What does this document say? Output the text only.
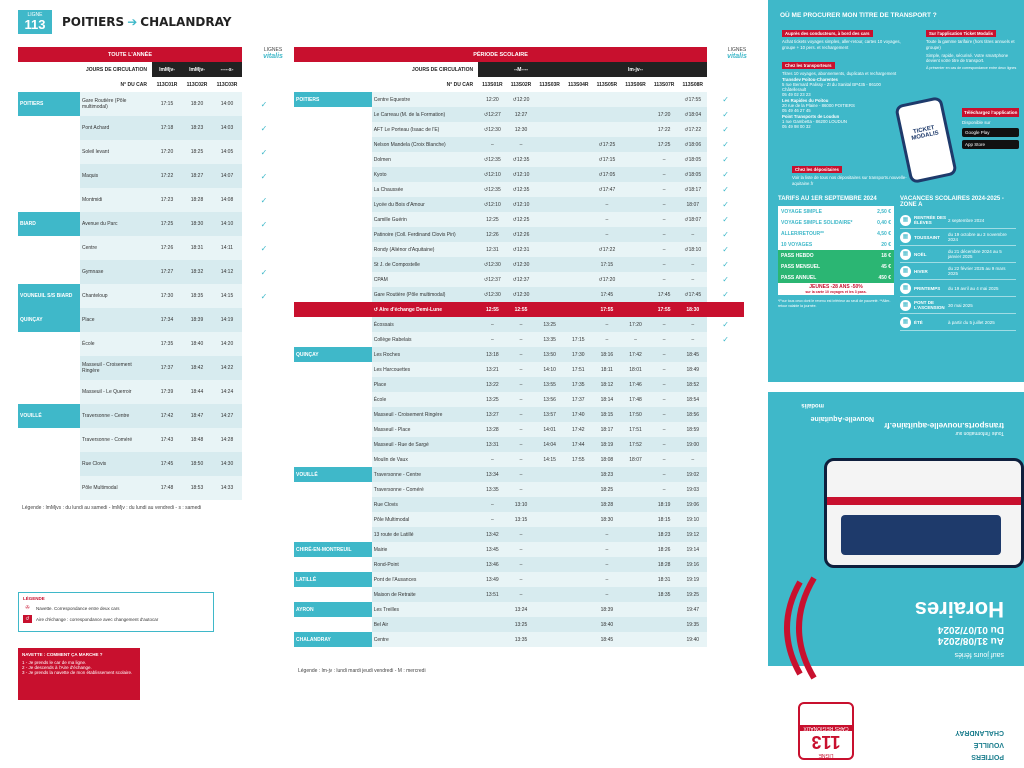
LIGNE
113 POITIERS ➔ CHALANDRAY
TOUTE L'ANNÉE					
JOURS DE CIRCULATION		lmMjv-	lmMjv-	-----s-	
N° DU CAR		113C01R	113C02R	113C03R	
POITIERS	Gare Routière (Pôle multimodal)	17:15	18:20	14:00	✓
	Pont Achard	17:18	18:23	14:03	✓
	Soleil levant	17:20	18:25	14:05	✓
	Maquis	17:22	18:27	14:07	✓
	Montmidi	17:23	18:28	14:08	✓
BIARD	Avenue du Parc	17:25	18:30	14:10	✓
	Centre	17:26	18:31	14:11	✓
	Gymnase	17:27	18:32	14:12	✓
VOUNEUIL S/S BIARD	Chanteloup	17:30	18:35	14:15	✓
QUINÇAY	Place	17:34	18:39	14:19	
	École	17:35	18:40	14:20	
	Masseuil - Croisement Ringère	17:37	18:42	14:22	
	Masseuil - Le Querroir	17:39	18:44	14:24	
VOUILLÉ	Traversonne - Centre	17:42	18:47	14:27	
	Traversonne - Coméré	17:43	18:48	14:28	
	Rue Clovis	17:45	18:50	14:30	
	Pôle Multimodal	17:48	18:53	14:33	
LIGNES
vitalis
Légende : lmMjvs : du lundi au samedi - lmMjv : du lundi au vendredi - s : samedi
LÉGENDE
✇	Navette. Correspondance entre deux cars
↺	Aire d'échange : correspondance avec changement d'autocar
NAVETTE : COMMENT ÇA MARCHE ?
1 - Je prends le car de ma ligne.
2 - Je descends à l'Aire d'échange.
3 - Je prends la navette de mon établissement scolaire.
PÉRIODE SCOLAIRE										
JOURS DE CIRCULATION		--M----			lm-jv--					
N° DU CAR		113S01R	113S02R	113S03R	113S04R	113S05R	113S06R	113S07R	113S08R	
POITIERS	Centre Equestre	12:20	↺12:20						↺17:55	✓
	Le Carreau (M. de la Formation)	↺12:27	12:27					17:20	↺18:04	✓
	AFT Le Porteau (Isaac de l'E)	↺12:30	12:30					17:22	↺17:22	✓
	Nelson Mandela (Croix Blanche)	–	–			↺17:25		17:25	↺18:06	✓
	Dolmen	↺12:35	↺12:35			↺17:15		–	↺18:05	✓
	Kyoto	↺12:10	↺12:10			↺17:05		–	↺18:05	✓
	La Chaussée	↺12:35	↺12:35			↺17:47		–	↺18:17	✓
	Lycée du Bois d'Amour	↺12:10	↺12:10			–		–	18:07	✓
	Camille Guérin	12:25	↺12:25			–		–	↺18:07	✓
	Patinoire (Coll. Ferdinand Clovis Piri)	12:26	↺12:26			–		–	–	✓
	Rondy (Aliénor d'Aquitaine)	12:31	↺12:31			↺17:22		–	↺18:10	✓
	St J. de Compostelle	↺12:30	↺12:30			17:15		–	–	✓
	CPAM	↺12:37	↺12:37			↺17:20		–	–	✓
	Gare Routière (Pôle multimodal)	↺12:30	↺12:30			17:45		17:45	↺17:45	✓
	↺ Aire d'échange Demi-Lune	12:55	12:55			17:55		17:55	18:30	
	Écossais	–	–	13:25		–	17:20	–	–	✓
	Collège Rabelais	–	–	13:35	17:15	–	–	–	–	✓
QUINÇAY	Les Roches	13:18	–	13:50	17:30	18:16	17:42	–	18:45	
	Les Harcouettes	13:21	–	14:10	17:51	18:11	18:01	–	18:49	
	Place	13:22	–	13:55	17:35	18:12	17:46	–	18:52	
	École	13:25	–	13:56	17:37	18:14	17:48	–	18:54	
	Masseuil - Croisement Ringère	13:27	–	13:57	17:40	18:15	17:50	–	18:56	
	Masseuil - Place	13:28	–	14:01	17:42	18:17	17:51	–	18:59	
	Masseuil - Rue de Sargé	13:31	–	14:04	17:44	18:19	17:52	–	19:00	
	Moulin de Vaux	–	–	14:15	17:55	18:08	18:07	–	–	
VOUILLÉ	Traversonne - Centre	13:34	–			18:23		–	19:02	
	Traversonne - Coméré	13:35	–			18:25		–	19:03	
	Rue Clovis	–	13:10			18:28		18:19	19:06	
	Pôle Multimodal	–	13:15			18:30		18:15	19:10	
	13 route de Latillé	13:42	–			–		18:23	19:12	
CHIRÉ-EN-MONTREUIL	Mairie	13:45	–			–		18:26	19:14	
	Rond-Point	13:46	–			–		18:28	19:16	
LATILLÉ	Pont de l'Ausances	13:49	–			–		18:31	19:19	
	Maison de Retraite	13:51	–			–		18:35	19:25	
AYRON	Les Treilles		13:24			18:39			19:47	
	Bel Air		13:25			18:40			19:35	
CHALANDRAY	Centre		13:35			18:45			19:40	
LIGNES
vitalis
Légende : lm-jv : lundi mardi jeudi vendredi - M : mercredi
OÙ ME PROCURER MON TITRE DE TRANSPORT ?
Auprès des conducteurs, à bord des cars
Achat tickets voyages simples, aller-retour, cartes 10 voyages, groupe + 10 pers. et rechargement
Chez les transporteurs
Titres 10 voyages, abonnements, duplicata et rechargement
Transdev Poitou-Charentes
5 rue Bernard Palissy - ZI du Sanital BP435 - 86100 Châtellerault
05 49 02 23 23
Les Rapides du Poitou
20 rue de la Plaine - 86000 POITIERS
05 49 46 27 45
Point Transports de Loudun
1 rue Gambetta - 86200 LOUDUN
05 49 98 00 32
Chez les dépositaires
Voir la liste de tous nos dépositaires sur transports.nouvelle-aquitaine.fr
Sur l'application Ticket Modalis
Toute la gamme tarifaire (hors titres annuels et groupe)
Simple, rapide, sécurisé. Votre smartphone devient votre titre de transport.
À présenter en cas de correspondance entre deux lignes
TICKET MODALIS
Téléchargez l'application
Disponible sur
Google Play
App Store
TARIFS AU 1ER SEPTEMBRE 2024
VOYAGE SIMPLE	2,50 €
VOYAGE SIMPLE SOLIDAIRE*	0,40 €
ALLER/RETOUR**	4,50 €
10 VOYAGES	20 €
PASS HEBDO	18 €
PASS MENSUEL	45 €
PASS ANNUEL	450 €
JEUNES -28 ANS -50%
sur la carte 10 voyages et les 3 pass.
*Pour tous ceux dont le revenu est inférieur au seuil de pauvreté. **Aller-retour valable la journée.
VACANCES SCOLAIRES 2024-2025 - ZONE A
▦	RENTRÉE DES ÉLÈVES	2 septembre 2024
▦	TOUSSAINT	du 19 octobre au 3 novembre 2024
▦	NOËL	du 21 décembre 2024 au 5 janvier 2025
▦	HIVER	du 22 février 2025 au 9 mars 2025
▦	PRINTEMPS	du 19 avril au 4 mai 2025
▦	PONT DE L'ASCENSION 30 mai 2025
▦	ÉTÉ	à partir du 5 juillet 2025
POITIERS
VOUILLÉ
CHALANDRAY
LIGNE
113
CARS RÉGIONAUX
sauf jours fériés
Au 31/08/2024
Du 01/07/2024
Horaires
Toute l'information sur
transports.nouvelle-aquitaine.fr
Nouvelle-Aquitaine
modalis
